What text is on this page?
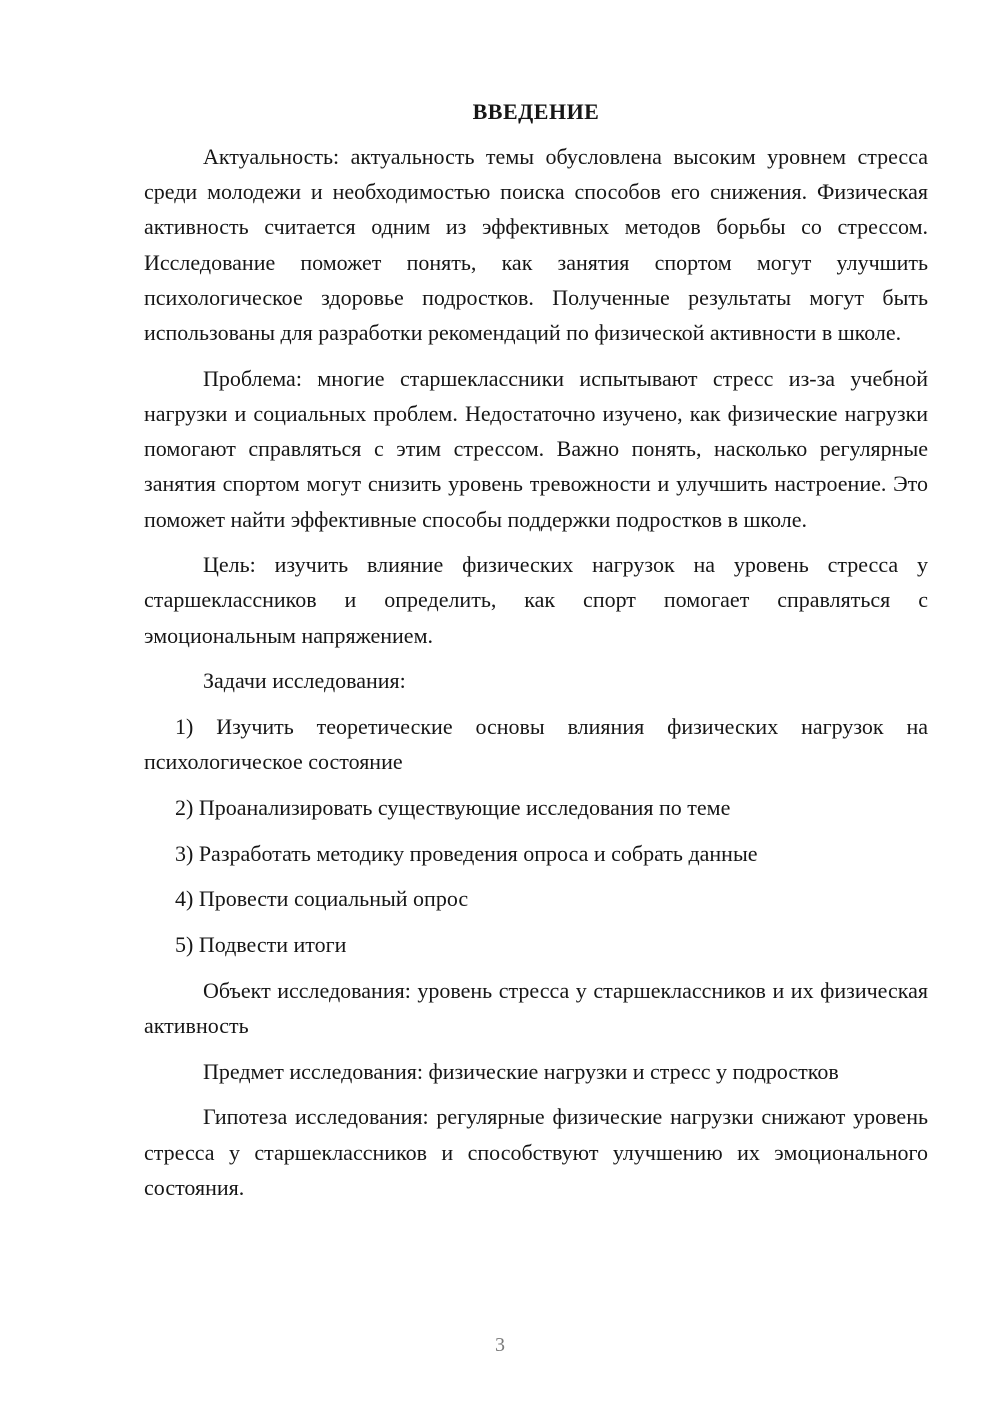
ВВЕДЕНИЕ

Актуальность: актуальность темы обусловлена высоким уровнем стресса среди молодежи и необходимостью поиска способов его снижения. Физическая активность считается одним из эффективных методов борьбы со стрессом. Исследование поможет понять, как занятия спортом могут улучшить психологическое здоровье подростков. Полученные результаты могут быть использованы для разработки рекомендаций по физической активности в школе.

Проблема: многие старшеклассники испытывают стресс из-за учебной нагрузки и социальных проблем. Недостаточно изучено, как физические нагрузки помогают справляться с этим стрессом. Важно понять, насколько регулярные занятия спортом могут снизить уровень тревожности и улучшить настроение. Это поможет найти эффективные способы поддержки подростков в школе.

Цель: изучить влияние физических нагрузок на уровень стресса у старшеклассников и определить, как спорт помогает справляться с эмоциональным напряжением.

Задачи исследования:

1) Изучить теоретические основы влияния физических нагрузок на психологическое состояние

2) Проанализировать существующие исследования по теме

3) Разработать методику проведения опроса и собрать данные

4) Провести социальный опрос

5) Подвести итоги

Объект исследования: уровень стресса у старшеклассников и их физическая активность

Предмет исследования: физические нагрузки и стресс у подростков

Гипотеза исследования: регулярные физические нагрузки снижают уровень стресса у старшеклассников и способствуют улучшению их эмоционального состояния.

3
